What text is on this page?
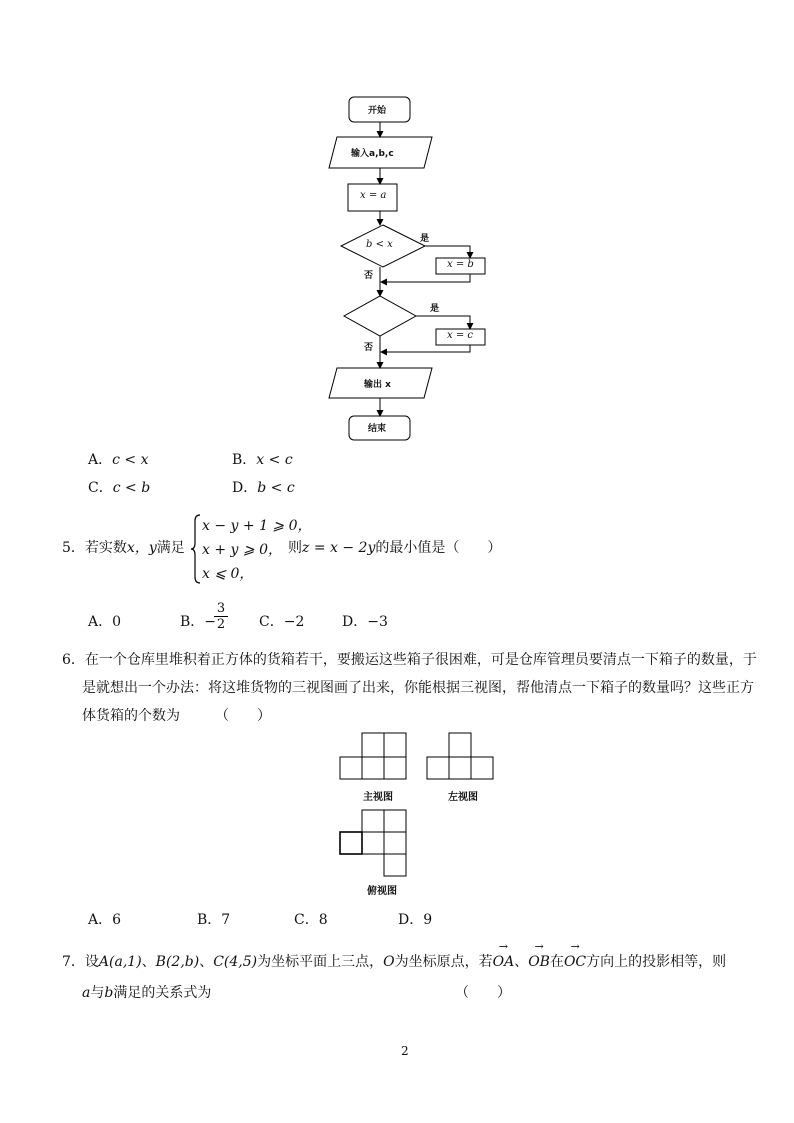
开始
输入a,b,c
x = a
b < x	是
否
x = b
是
否
x = c
输出 x
结束
A．c < x	B．x < c
C．c < b	D．b < c
5．若实数x，y满足
x − y + 1 ⩾ 0，
x + y ⩾ 0，
x ⩽ 0，
则z = x − 2y的最小值是（　　）
A．0	B．−
$\frac{3}{2}$ C．−2	D．−3
6．在一个仓库里堆积着正方体的货箱若干，要搬运这些箱子很困难，可是仓库管理员要清点一下箱子的数量，于
是就想出一个办法：将这堆货物的三视图画了出来，你能根据三视图，帮他清点一下箱子的数量吗？这些正方
体货箱的个数为　　　（　　）
主视图	左视图
俯视图
A．6	B．7	C．8	D．9
7．设A(a,1)、B(2,b)、C(4,5)为坐标平面上三点，O为坐标原点，若OA
→
、OB
→
在OC
→
方向上的投影相等，则
a与b满足的关系式为	（　　）
2
